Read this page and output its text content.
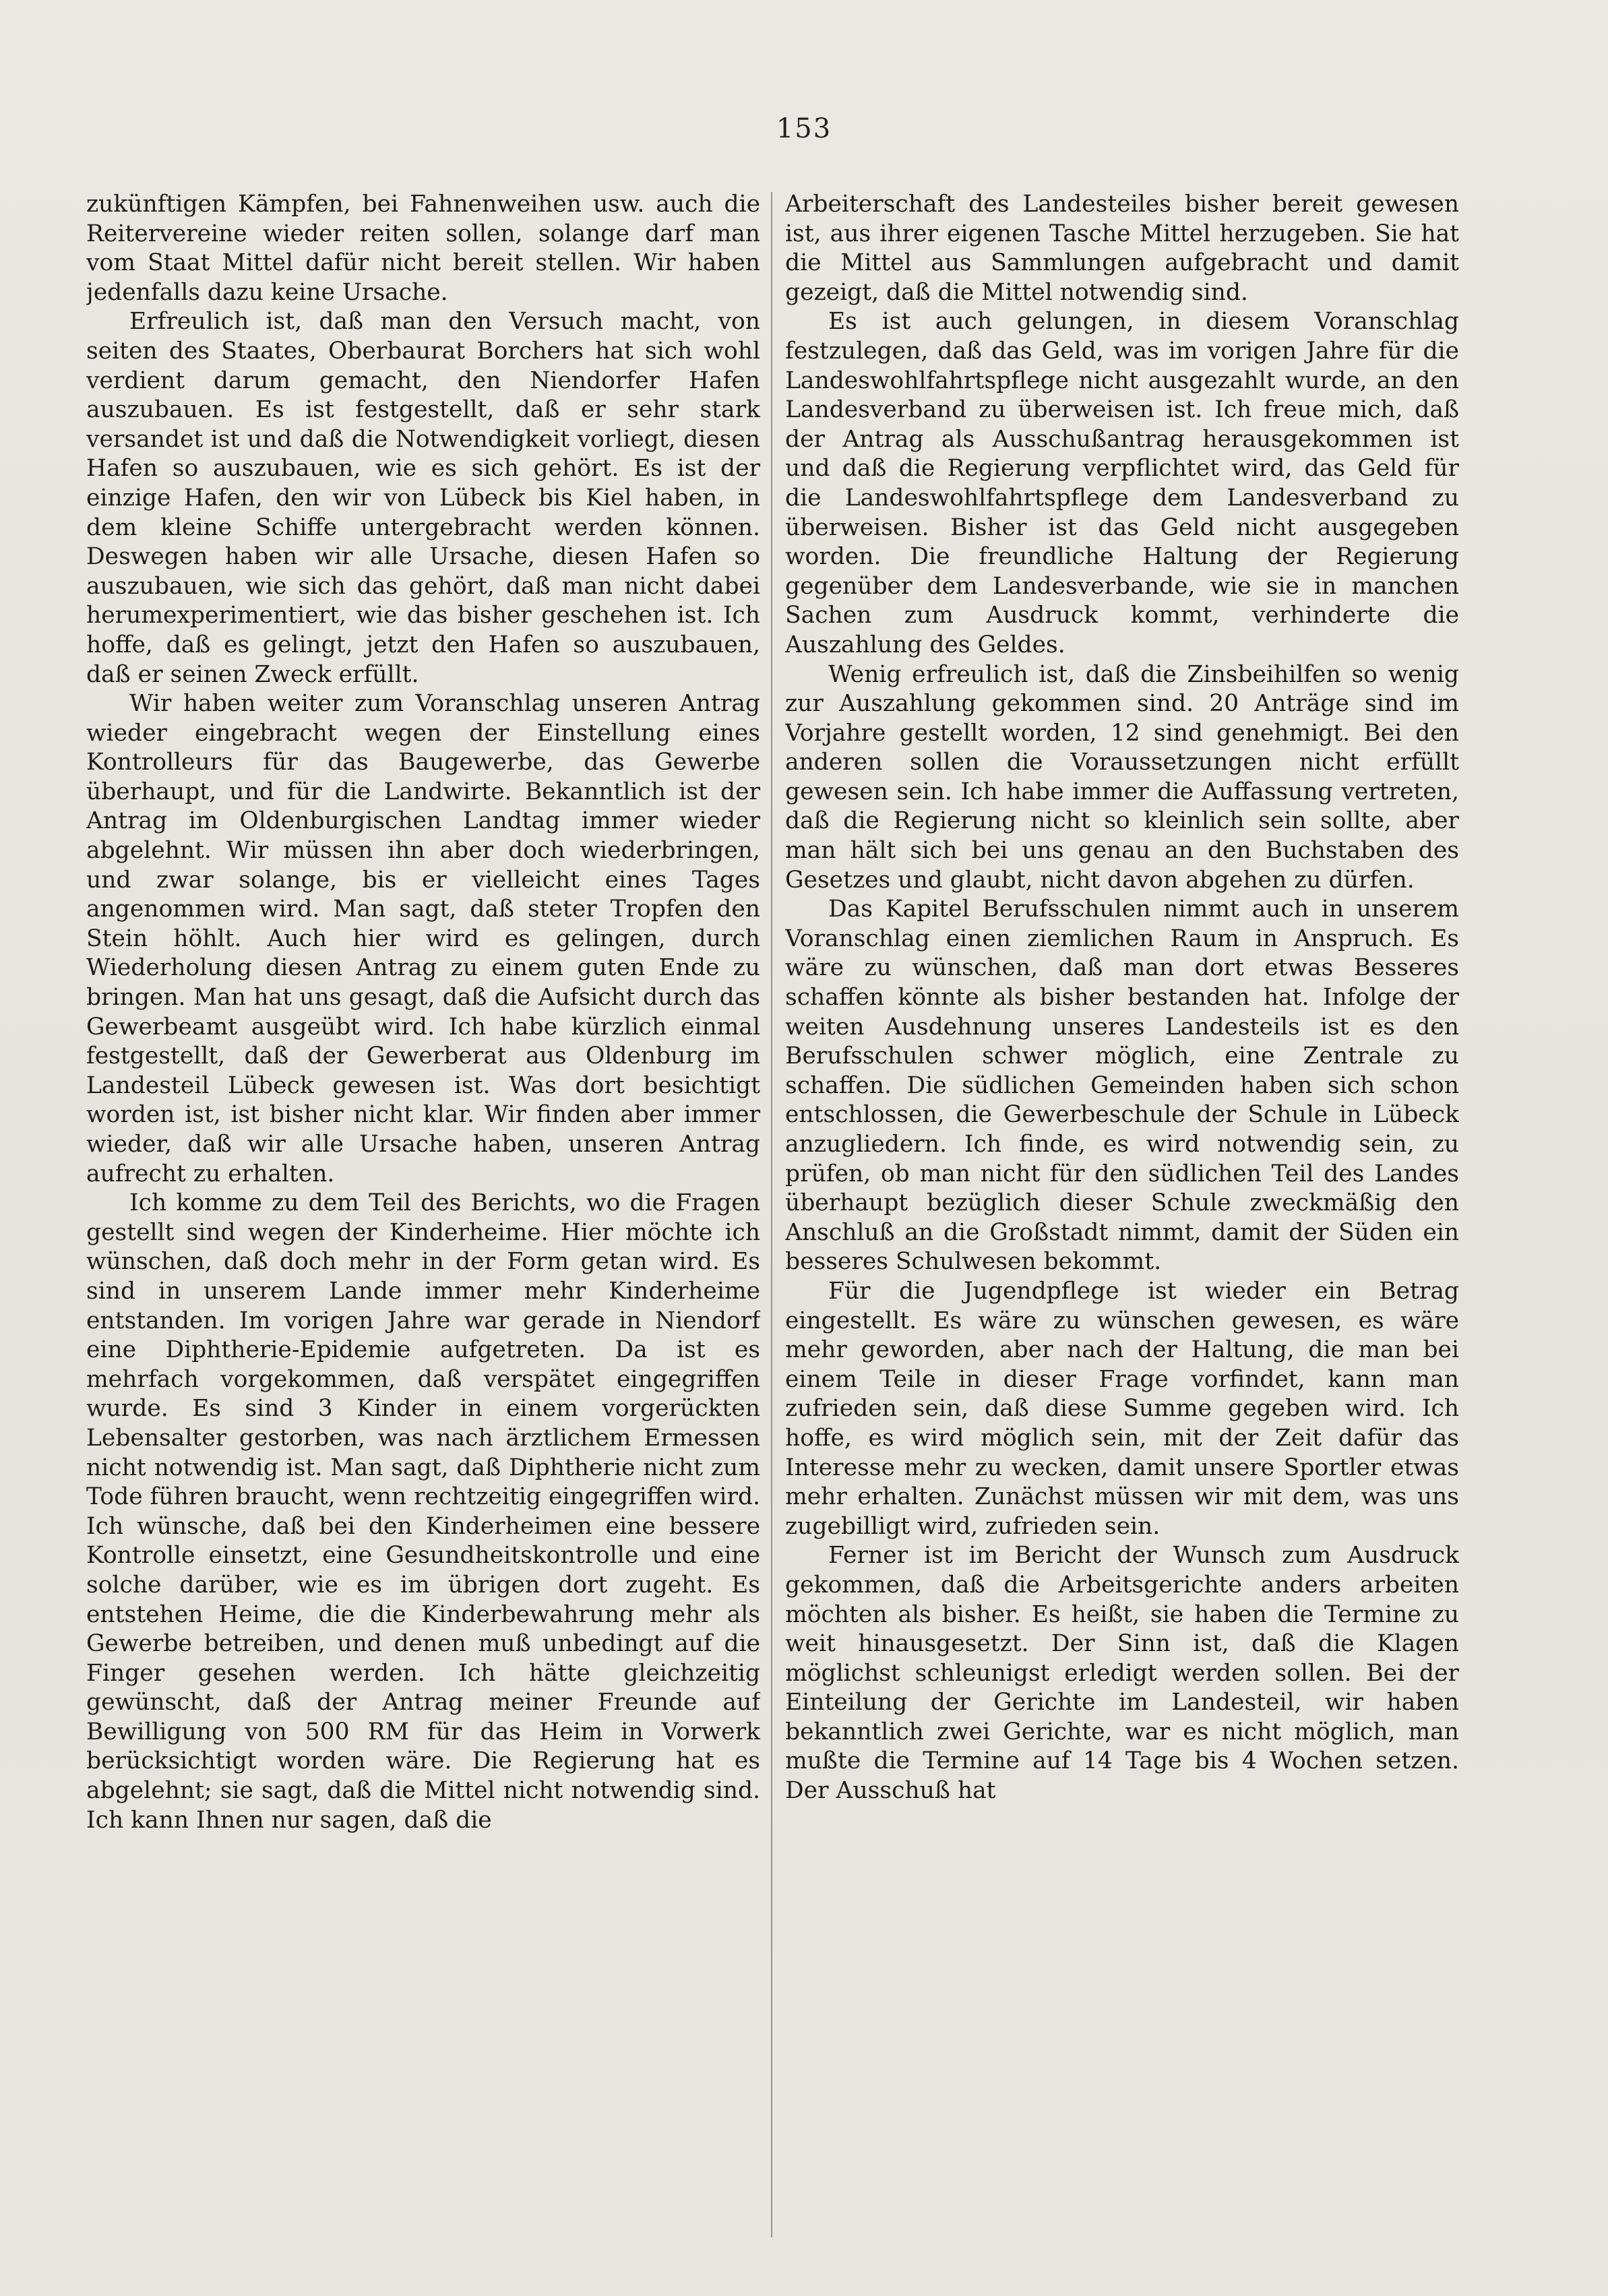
153

zukünftigen Kämpfen, bei Fahnenweihen usw. auch die Reitervereine wieder reiten sollen, solange darf man vom Staat Mittel dafür nicht bereit stellen. Wir haben jedenfalls dazu keine Ursache.

Erfreulich ist, daß man den Versuch macht, von seiten des Staates, Oberbaurat Borchers hat sich wohl verdient darum gemacht, den Niendorfer Hafen auszubauen. Es ist festgestellt, daß er sehr stark versandet ist und daß die Notwendigkeit vorliegt, diesen Hafen so auszubauen, wie es sich gehört. Es ist der einzige Hafen, den wir von Lübeck bis Kiel haben, in dem kleine Schiffe untergebracht werden können. Deswegen haben wir alle Ursache, diesen Hafen so auszubauen, wie sich das gehört, daß man nicht dabei herumexperimentiert, wie das bisher geschehen ist. Ich hoffe, daß es gelingt, jetzt den Hafen so auszubauen, daß er seinen Zweck erfüllt.

Wir haben weiter zum Voranschlag unseren Antrag wieder eingebracht wegen der Einstellung eines Kontrolleurs für das Baugewerbe, das Gewerbe überhaupt, und für die Landwirte. Bekanntlich ist der Antrag im Oldenburgischen Landtag immer wieder abgelehnt. Wir müssen ihn aber doch wiederbringen, und zwar solange, bis er vielleicht eines Tages angenommen wird. Man sagt, daß steter Tropfen den Stein höhlt. Auch hier wird es gelingen, durch Wiederholung diesen Antrag zu einem guten Ende zu bringen. Man hat uns gesagt, daß die Aufsicht durch das Gewerbeamt ausgeübt wird. Ich habe kürzlich einmal festgestellt, daß der Gewerberat aus Oldenburg im Landesteil Lübeck gewesen ist. Was dort besichtigt worden ist, ist bisher nicht klar. Wir finden aber immer wieder, daß wir alle Ursache haben, unseren Antrag aufrecht zu erhalten.

Ich komme zu dem Teil des Berichts, wo die Fragen gestellt sind wegen der Kinderheime. Hier möchte ich wünschen, daß doch mehr in der Form getan wird. Es sind in unserem Lande immer mehr Kinderheime entstanden. Im vorigen Jahre war gerade in Niendorf eine Diphtherie-Epidemie aufgetreten. Da ist es mehrfach vorgekommen, daß verspätet eingegriffen wurde. Es sind 3 Kinder in einem vorgerückten Lebensalter gestorben, was nach ärztlichem Ermessen nicht notwendig ist. Man sagt, daß Diphtherie nicht zum Tode führen braucht, wenn rechtzeitig eingegriffen wird. Ich wünsche, daß bei den Kinderheimen eine bessere Kontrolle einsetzt, eine Gesundheitskontrolle und eine solche darüber, wie es im übrigen dort zugeht. Es entstehen Heime, die die Kinderbewahrung mehr als Gewerbe betreiben, und denen muß unbedingt auf die Finger gesehen werden. Ich hätte gleichzeitig gewünscht, daß der Antrag meiner Freunde auf Bewilligung von 500 RM für das Heim in Vorwerk berücksichtigt worden wäre. Die Regierung hat es abgelehnt; sie sagt, daß die Mittel nicht notwendig sind. Ich kann Ihnen nur sagen, daß die

Arbeiterschaft des Landesteiles bisher bereit gewesen ist, aus ihrer eigenen Tasche Mittel herzugeben. Sie hat die Mittel aus Sammlungen aufgebracht und damit gezeigt, daß die Mittel notwendig sind.

Es ist auch gelungen, in diesem Voranschlag festzulegen, daß das Geld, was im vorigen Jahre für die Landeswohlfahrtspflege nicht ausgezahlt wurde, an den Landesverband zu überweisen ist. Ich freue mich, daß der Antrag als Ausschußantrag herausgekommen ist und daß die Regierung verpflichtet wird, das Geld für die Landeswohlfahrtspflege dem Landesverband zu überweisen. Bisher ist das Geld nicht ausgegeben worden. Die freundliche Haltung der Regierung gegenüber dem Landesverbande, wie sie in manchen Sachen zum Ausdruck kommt, verhinderte die Auszahlung des Geldes.

Wenig erfreulich ist, daß die Zinsbeihilfen so wenig zur Auszahlung gekommen sind. 20 Anträge sind im Vorjahre gestellt worden, 12 sind genehmigt. Bei den anderen sollen die Voraussetzungen nicht erfüllt gewesen sein. Ich habe immer die Auffassung vertreten, daß die Regierung nicht so kleinlich sein sollte, aber man hält sich bei uns genau an den Buchstaben des Gesetzes und glaubt, nicht davon abgehen zu dürfen.

Das Kapitel Berufsschulen nimmt auch in unserem Voranschlag einen ziemlichen Raum in Anspruch. Es wäre zu wünschen, daß man dort etwas Besseres schaffen könnte als bisher bestanden hat. Infolge der weiten Ausdehnung unseres Landesteils ist es den Berufsschulen schwer möglich, eine Zentrale zu schaffen. Die südlichen Gemeinden haben sich schon entschlossen, die Gewerbeschule der Schule in Lübeck anzugliedern. Ich finde, es wird notwendig sein, zu prüfen, ob man nicht für den südlichen Teil des Landes überhaupt bezüglich dieser Schule zweckmäßig den Anschluß an die Großstadt nimmt, damit der Süden ein besseres Schulwesen bekommt.

Für die Jugendpflege ist wieder ein Betrag eingestellt. Es wäre zu wünschen gewesen, es wäre mehr geworden, aber nach der Haltung, die man bei einem Teile in dieser Frage vorfindet, kann man zufrieden sein, daß diese Summe gegeben wird. Ich hoffe, es wird möglich sein, mit der Zeit dafür das Interesse mehr zu wecken, damit unsere Sportler etwas mehr erhalten. Zunächst müssen wir mit dem, was uns zugebilligt wird, zufrieden sein.

Ferner ist im Bericht der Wunsch zum Ausdruck gekommen, daß die Arbeitsgerichte anders arbeiten möchten als bisher. Es heißt, sie haben die Termine zu weit hinausgesetzt. Der Sinn ist, daß die Klagen möglichst schleunigst erledigt werden sollen. Bei der Einteilung der Gerichte im Landesteil, wir haben bekanntlich zwei Gerichte, war es nicht möglich, man mußte die Termine auf 14 Tage bis 4 Wochen setzen. Der Ausschuß hat
